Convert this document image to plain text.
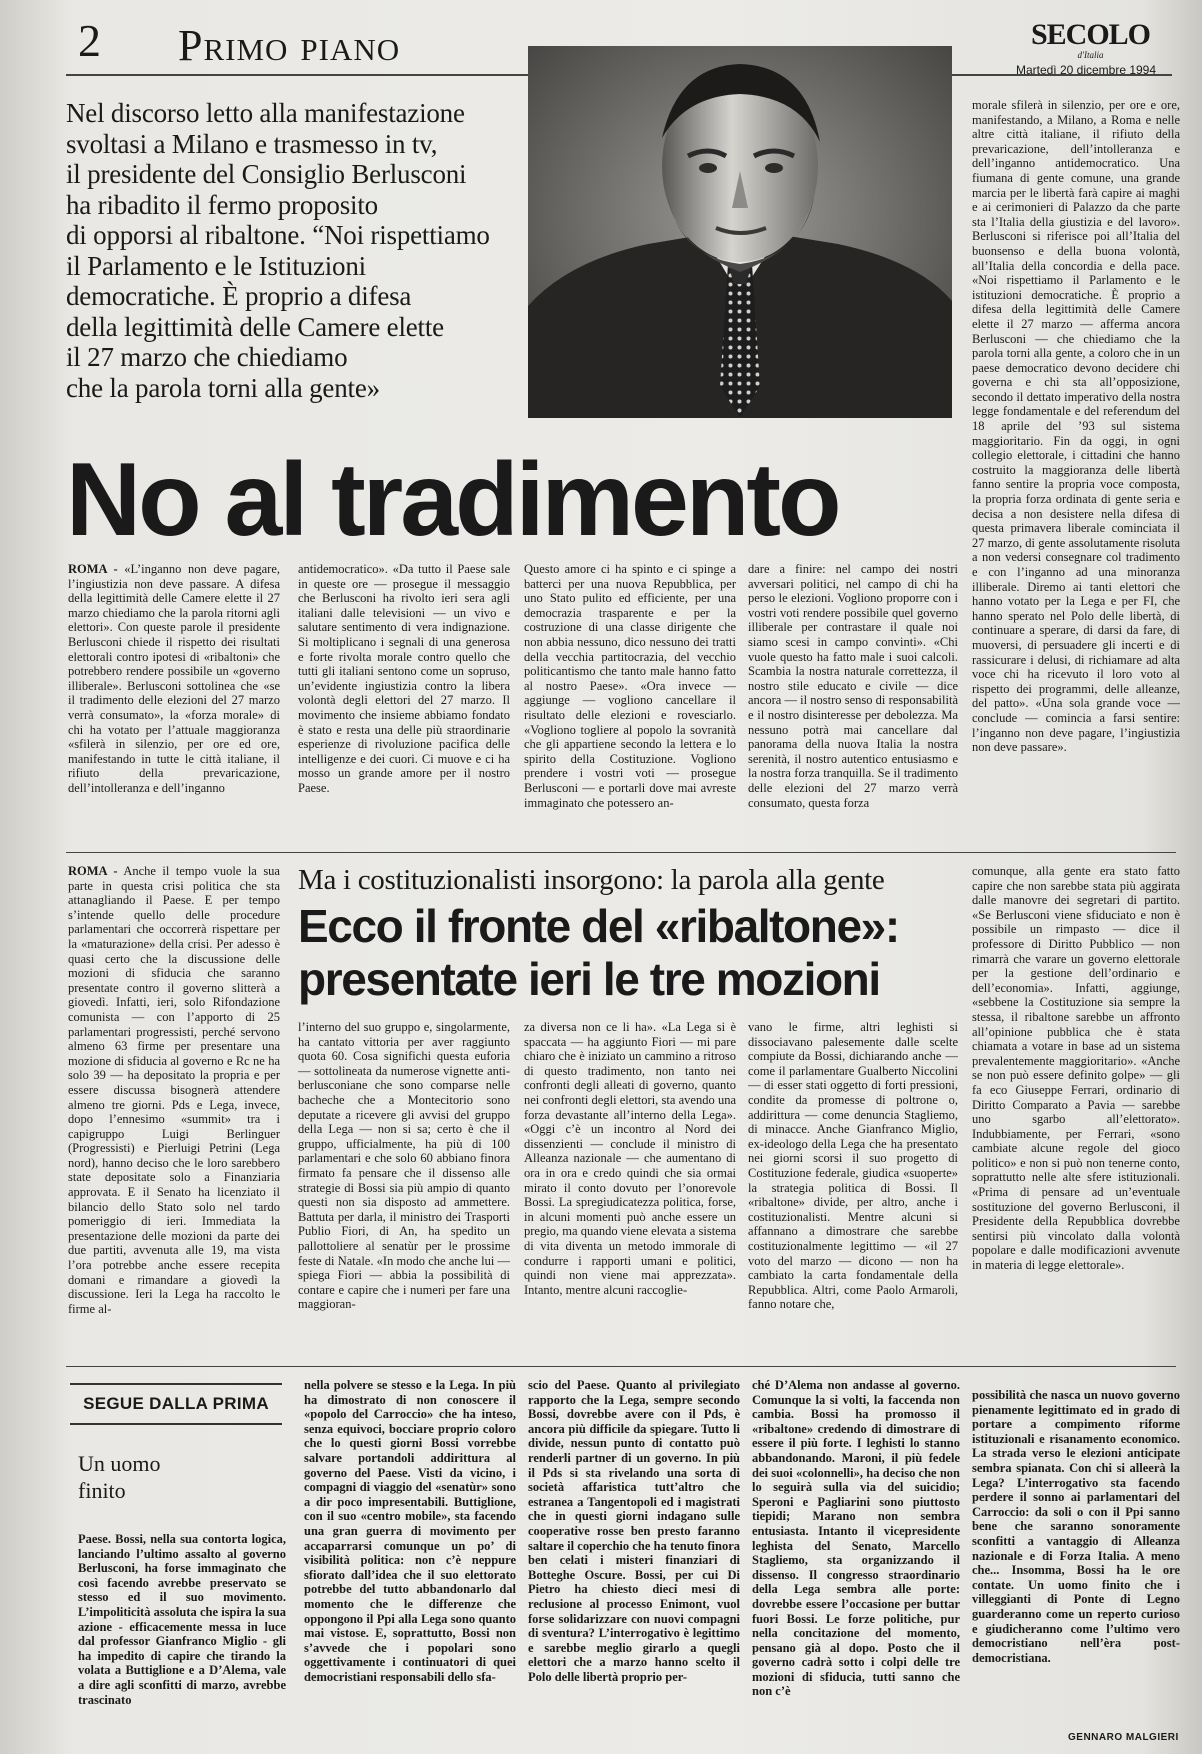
2 Primo piano	SECOLO
d'Italia
Martedì 20 dicembre 1994
Nel discorso letto alla manifestazione
svoltasi a Milano e trasmesso in tv,
il presidente del Consiglio Berlusconi
ha ribadito il fermo proposito
di opporsi al ribaltone. “Noi rispettiamo
il Parlamento e le Istituzioni
democratiche. È proprio a difesa
della legittimità delle Camere elette
il 27 marzo che chiediamo
che la parola torni alla gente»
No al tradimento
ROMA - «L’inganno non deve pagare, l’ingiustizia non deve passare. A difesa della legittimità delle Camere elette il 27 marzo chiediamo che la parola ritorni agli elettori». Con queste parole il presidente Berlusconi chiede il rispetto dei risultati elettorali contro ipotesi di «ribaltoni» che potrebbero rendere possibile un «governo illiberale». Berlusconi sottolinea che «se il tradimento delle elezioni del 27 marzo verrà consumato», la «forza morale» di chi ha votato per l’attuale maggioranza «sfilerà in silenzio, per ore ed ore, manifestando in tutte le città italiane, il rifiuto della prevaricazione, dell’intolleranza e dell’inganno
antidemocratico». «Da tutto il Paese sale in queste ore — prosegue il messaggio che Berlusconi ha rivolto ieri sera agli italiani dalle televisioni — un vivo e salutare sentimento di vera indignazione. Si moltiplicano i segnali di una generosa e forte rivolta morale contro quello che tutti gli italiani sentono come un sopruso, un’evidente ingiustizia contro la libera volontà degli elettori del 27 marzo. Il movimento che insieme abbiamo fondato è stato e resta una delle più straordinarie esperienze di rivoluzione pacifica delle intelligenze e dei cuori. Ci muove e ci ha mosso un grande amore per il nostro Paese.
Questo amore ci ha spinto e ci spinge a batterci per una nuova Repubblica, per uno Stato pulito ed efficiente, per una democrazia trasparente e per la costruzione di una classe dirigente che non abbia nessuno, dico nessuno dei tratti della vecchia partitocrazia, del vecchio politicantismo che tanto male hanno fatto al nostro Paese». «Ora invece — aggiunge — vogliono cancellare il risultato delle elezioni e rovesciarlo. «Vogliono togliere al popolo la sovranità che gli appartiene secondo la lettera e lo spirito della Costituzione. Vogliono prendere i vostri voti — prosegue Berlusconi — e portarli dove mai avreste immaginato che potessero an-
dare a finire: nel campo dei nostri avversari politici, nel campo di chi ha perso le elezioni. Vogliono proporre con i vostri voti rendere possibile quel governo illiberale per contrastare il quale noi siamo scesi in campo convinti». «Chi vuole questo ha fatto male i suoi calcoli. Scambia la nostra naturale correttezza, il nostro stile educato e civile — dice ancora — il nostro senso di responsabilità e il nostro disinteresse per debolezza. Ma nessuno potrà mai cancellare dal panorama della nuova Italia la nostra serenità, il nostro autentico entusiasmo e la nostra forza tranquilla. Se il tradimento delle elezioni del 27 marzo verrà consumato, questa forza
morale sfilerà in silenzio, per ore e ore, manifestando, a Milano, a Roma e nelle altre città italiane, il rifiuto della prevaricazione, dell’intolleranza e dell’inganno antidemocratico. Una fiumana di gente comune, una grande marcia per le libertà farà capire ai maghi e ai cerimonieri di Palazzo da che parte sta l’Italia della giustizia e del lavoro». Berlusconi si riferisce poi all’Italia del buonsenso e della buona volontà, all’Italia della concordia e della pace. «Noi rispettiamo il Parlamento e le istituzioni democratiche. È proprio a difesa della legittimità delle Camere elette il 27 marzo — afferma ancora Berlusconi — che chiediamo che la parola torni alla gente, a coloro che in un paese democratico devono decidere chi governa e chi sta all’opposizione, secondo il dettato imperativo della nostra legge fondamentale e del referendum del 18 aprile del ’93 sul sistema maggioritario. Fin da oggi, in ogni collegio elettorale, i cittadini che hanno costruito la maggioranza delle libertà fanno sentire la propria voce composta, la propria forza ordinata di gente seria e decisa a non desistere nella difesa di questa primavera liberale cominciata il 27 marzo, di gente assolutamente risoluta a non vedersi consegnare col tradimento e con l’inganno ad una minoranza illiberale. Diremo ai tanti elettori che hanno votato per la Lega e per FI, che hanno sperato nel Polo delle libertà, di continuare a sperare, di darsi da fare, di muoversi, di persuadere gli incerti e di rassicurare i delusi, di richiamare ad alta voce chi ha ricevuto il loro voto al rispetto dei programmi, delle alleanze, del patto». «Una sola grande voce — conclude — comincia a farsi sentire: l’inganno non deve pagare, l’ingiustizia non deve passare».
Ma i costituzionalisti insorgono: la parola alla gente
Ecco il fronte del «ribaltone»:
presentate ieri le tre mozioni
ROMA - Anche il tempo vuole la sua parte in questa crisi politica che sta attanagliando il Paese. E per tempo s’intende quello delle procedure parlamentari che occorrerà rispettare per la «maturazione» della crisi. Per adesso è quasi certo che la discussione delle mozioni di sfiducia che saranno presentate contro il governo slitterà a giovedì. Infatti, ieri, solo Rifondazione comunista — con l’apporto di 25 parlamentari progressisti, perché servono almeno 63 firme per presentare una mozione di sfiducia al governo e Rc ne ha solo 39 — ha depositato la propria e per essere discussa bisognerà attendere almeno tre giorni. Pds e Lega, invece, dopo l’ennesimo «summit» tra i capigruppo Luigi Berlinguer (Progressisti) e Pierluigi Petrini (Lega nord), hanno deciso che le loro sarebbero state depositate solo a Finanziaria approvata. E il Senato ha licenziato il bilancio dello Stato solo nel tardo pomeriggio di ieri. Immediata la presentazione delle mozioni da parte dei due partiti, avvenuta alle 19, ma vista l’ora potrebbe anche essere recepita domani e rimandare a giovedì la discussione. Ieri la Lega ha raccolto le firme al-
l’interno del suo gruppo e, singolarmente, ha cantato vittoria per aver raggiunto quota 60. Cosa significhi questa euforia — sottolineata da numerose vignette anti-berlusconiane che sono comparse nelle bacheche che a Montecitorio sono deputate a ricevere gli avvisi del gruppo della Lega — non si sa; certo è che il gruppo, ufficialmente, ha più di 100 parlamentari e che solo 60 abbiano finora firmato fa pensare che il dissenso alle strategie di Bossi sia più ampio di quanto questi non sia disposto ad ammettere. Battuta per darla, il ministro dei Trasporti Publio Fiori, di An, ha spedito un pallottoliere al senatùr per le prossime feste di Natale. «In modo che anche lui — spiega Fiori — abbia la possibilità di contare e capire che i numeri per fare una maggioran-
za diversa non ce li ha». «La Lega si è spaccata — ha aggiunto Fiori — mi pare chiaro che è iniziato un cammino a ritroso di questo tradimento, non tanto nei confronti degli alleati di governo, quanto nei confronti degli elettori, sta avendo una forza devastante all’interno della Lega». «Oggi c’è un incontro al Nord dei dissenzienti — conclude il ministro di Alleanza nazionale — che aumentano di ora in ora e credo quindi che sia ormai mirato il conto dovuto per l’onorevole Bossi. La spregiudicatezza politica, forse, in alcuni momenti può anche essere un pregio, ma quando viene elevata a sistema di vita diventa un metodo immorale di condurre i rapporti umani e politici, quindi non viene mai apprezzata». Intanto, mentre alcuni raccoglie-
vano le firme, altri leghisti si dissociavano palesemente dalle scelte compiute da Bossi, dichiarando anche — come il parlamentare Gualberto Niccolini — di esser stati oggetto di forti pressioni, condite da promesse di poltrone o, addirittura — come denuncia Stagliemo, di minacce. Anche Gianfranco Miglio, ex-ideologo della Lega che ha presentato nei giorni scorsi il suo progetto di Costituzione federale, giudica «suoperte» la strategia politica di Bossi. Il «ribaltone» divide, per altro, anche i costituzionalisti. Mentre alcuni si affannano a dimostrare che sarebbe costituzionalmente legittimo — «il 27 voto del marzo — dicono — non ha cambiato la carta fondamentale della Repubblica. Altri, come Paolo Armaroli, fanno notare che,
comunque, alla gente era stato fatto capire che non sarebbe stata più aggirata dalle manovre dei segretari di partito. «Se Berlusconi viene sfiduciato e non è possibile un rimpasto — dice il professore di Diritto Pubblico — non rimarrà che varare un governo elettorale per la gestione dell’ordinario e dell’economia». Infatti, aggiunge, «sebbene la Costituzione sia sempre la stessa, il ribaltone sarebbe un affronto all’opinione pubblica che è stata chiamata a votare in base ad un sistema prevalentemente maggioritario». «Anche se non può essere definito golpe» — gli fa eco Giuseppe Ferrari, ordinario di Diritto Comparato a Pavia — sarebbe uno sgarbo all’elettorato». Indubbiamente, per Ferrari, «sono cambiate alcune regole del gioco politico» e non si può non tenerne conto, soprattutto nelle alte sfere istituzionali. «Prima di pensare ad un’eventuale sostituzione del governo Berlusconi, il Presidente della Repubblica dovrebbe sentirsi più vincolato dalla volontà popolare e dalle modificazioni avvenute in materia di legge elettorale».
SEGUE DALLA PRIMA
Un uomo
finito
Paese. Bossi, nella sua contorta logica, lanciando l’ultimo assalto al governo Berlusconi, ha forse immaginato che così facendo avrebbe preservato se stesso ed il suo movimento. L’impoliticità assoluta che ispira la sua azione - efficacemente messa in luce dal professor Gianfranco Miglio - gli ha impedito di capire che tirando la volata a Buttiglione e a D’Alema, vale a dire agli sconfitti di marzo, avrebbe trascinato
nella polvere se stesso e la Lega. In più ha dimostrato di non conoscere il «popolo del Carroccio» che ha inteso, senza equivoci, bocciare proprio coloro che lo questi giorni Bossi vorrebbe salvare portandoli addirittura al governo del Paese. Visti da vicino, i compagni di viaggio del «senatùr» sono a dir poco impresentabili. Buttiglione, con il suo «centro mobile», sta facendo una gran guerra di movimento per accaparrarsi comunque un po’ di visibilità politica: non c’è neppure sfiorato dall’idea che il suo elettorato potrebbe del tutto abbandonarlo dal momento che le differenze che oppongono il Ppi alla Lega sono quanto mai vistose. E, soprattutto, Bossi non s’avvede che i popolari sono oggettivamente i continuatori di quei democristiani responsabili dello sfa-
scio del Paese. Quanto al privilegiato rapporto che la Lega, sempre secondo Bossi, dovrebbe avere con il Pds, è ancora più difficile da spiegare. Tutto li divide, nessun punto di contatto può renderli partner di un governo. In più il Pds si sta rivelando una sorta di società affaristica tutt’altro che estranea a Tangentopoli ed i magistrati che in questi giorni indagano sulle cooperative rosse ben presto faranno saltare il coperchio che ha tenuto finora ben celati i misteri finanziari di Botteghe Oscure. Bossi, per cui Di Pietro ha chiesto dieci mesi di reclusione al processo Enimont, vuol forse solidarizzare con nuovi compagni di sventura? L’interrogativo è legittimo e sarebbe meglio girarlo a quegli elettori che a marzo hanno scelto il Polo delle libertà proprio per-
ché D’Alema non andasse al governo. Comunque la si volti, la faccenda non cambia. Bossi ha promosso il «ribaltone» credendo di dimostrare di essere il più forte. I leghisti lo stanno abbandonando. Maroni, il più fedele dei suoi «colonnelli», ha deciso che non lo seguirà sulla via del suicidio; Speroni e Pagliarini sono piuttosto tiepidi; Marano non sembra entusiasta. Intanto il vicepresidente leghista del Senato, Marcello Stagliemo, sta organizzando il dissenso. Il congresso straordinario della Lega sembra alle porte: dovrebbe essere l’occasione per buttar fuori Bossi. Le forze politiche, pur nella concitazione del momento, pensano già al dopo. Posto che il governo cadrà sotto i colpi delle tre mozioni di sfiducia, tutti sanno che non c’è
possibilità che nasca un nuovo governo pienamente legittimato ed in grado di portare a compimento riforme istituzionali e risanamento economico. La strada verso le elezioni anticipate sembra spianata. Con chi si alleerà la Lega? L’interrogativo sta facendo perdere il sonno ai parlamentari del Carroccio: da soli o con il Ppi sanno bene che saranno sonoramente sconfitti a vantaggio di Alleanza nazionale e di Forza Italia. A meno che... Insomma, Bossi ha le ore contate. Un uomo finito che i villeggianti di Ponte di Legno guarderanno come un reperto curioso e giudicheranno come l’ultimo vero democristiano nell’èra post-democristiana.
GENNARO MALGIERI
